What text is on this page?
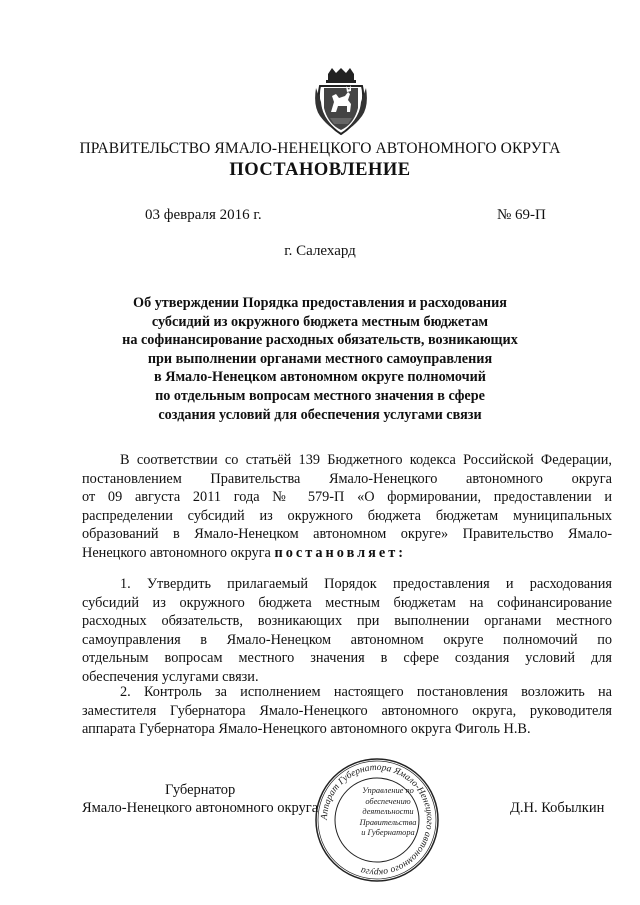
ПРАВИТЕЛЬСТВО ЯМАЛО-НЕНЕЦКОГО АВТОНОМНОГО ОКРУГА
ПОСТАНОВЛЕНИЕ
03 февраля 2016 г.	№ 69-П
г. Салехард
Об утверждении Порядка предоставления и расходования
субсидий из окружного бюджета местным бюджетам
на софинансирование расходных обязательств, возникающих
при выполнении органами местного самоуправления
в Ямало-Ненецком автономном округе полномочий
по отдельным вопросам местного значения в сфере
создания условий для обеспечения услугами связи
В соответствии со статьёй 139 Бюджетного кодекса Российской Федерации,
постановлением Правительства Ямало-Ненецкого автономного округа
от 09 августа 2011 года № 579-П «О формировании, предоставлении и
распределении субсидий из окружного бюджета бюджетам муниципальных
образований в Ямало-Ненецком автономном округе» Правительство Ямало-
Ненецкого автономного округа постановляет:
1. Утвердить прилагаемый Порядок предоставления и расходования
субсидий из окружного бюджета местным бюджетам на софинансирование
расходных обязательств, возникающих при выполнении органами местного
самоуправления в Ямало-Ненецком автономном округе полномочий по
отдельным вопросам местного значения в сфере создания условий для
обеспечения услугами связи.
2. Контроль за исполнением настоящего постановления возложить на
заместителя Губернатора Ямало-Ненецкого автономного округа, руководителя
аппарата Губернатора Ямало-Ненецкого автономного округа Фиголь Н.В.
Аппарат Губернатора Ямало-Ненецкого автономного округа
Управление по
обеспечению
деятельности
Правительства
и Губернатора
Губернатор
Ямало-Ненецкого автономного округа	Д.Н. Кобылкин
